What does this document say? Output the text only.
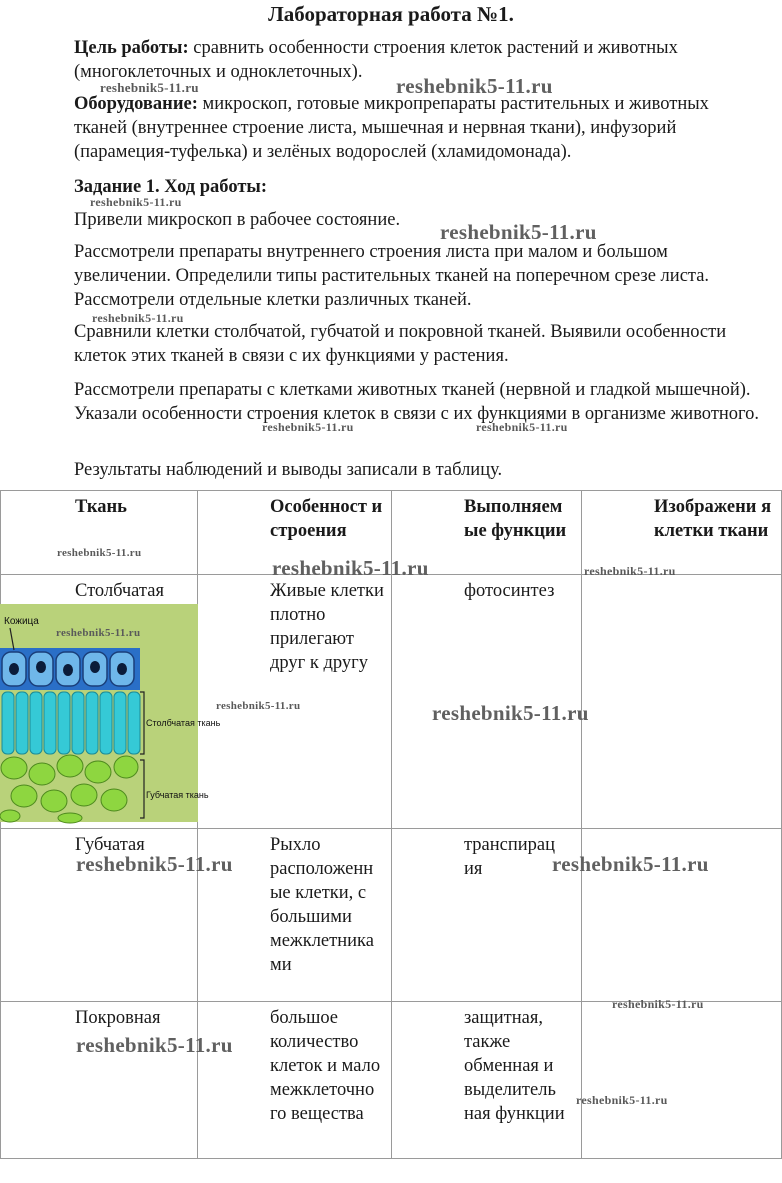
Лабораторная работа №1.
Цель работы: сравнить особенности строения клеток растений и животных (многоклеточных и одноклеточных).
Оборудование: микроскоп, готовые микропрепараты растительных и животных тканей (внутреннее строение листа, мышечная и нервная ткани), инфузорий (парамеция-туфелька) и зелёных водорослей (хламидомонада).
Задание 1. Ход работы:
Привели микроскоп в рабочее состояние.
Рассмотрели препараты внутреннего строения листа при малом и большом увеличении. Определили типы растительных тканей на поперечном срезе листа. Рассмотрели отдельные клетки различных тканей.
Сравнили клетки столбчатой, губчатой и покровной тканей. Выявили особенности клеток этих тканей в связи с их функциями у растения.
Рассмотрели препараты с клетками животных тканей (нервной и гладкой мышечной). Указали особенности строения клеток в связи с их функциями в организме животного.
Результаты наблюдений и выводы записали в таблицу.
Ткань	Особенност и строения	Выполняем ые функции	Изображени я клетки ткани
Столбчатая	Живые клетки плотно прилегают друг к другу	фотосинтез	
Губчатая	Рыхло расположенн ые клетки, с большими межклетника ми	транспирац ия	
Покровная	большое количество клеток и мало межклеточно го вещества	защитная, также обменная и выделитель ная функции	
Кожица
Столбчатая ткань
Губчатая ткань
reshebnik5-11.ru	reshebnik5-11.ru
reshebnik5-11.ru
reshebnik5-11.ru
reshebnik5-11.ru
reshebnik5-11.ru	reshebnik5-11.ru
reshebnik5-11.ru
reshebnik5-11.ru	reshebnik5-11.ru
reshebnik5-11.ru
reshebnik5-11.ru	reshebnik5-11.ru
reshebnik5-11.ru	reshebnik5-11.ru
reshebnik5-11.ru
reshebnik5-11.ru
reshebnik5-11.ru
